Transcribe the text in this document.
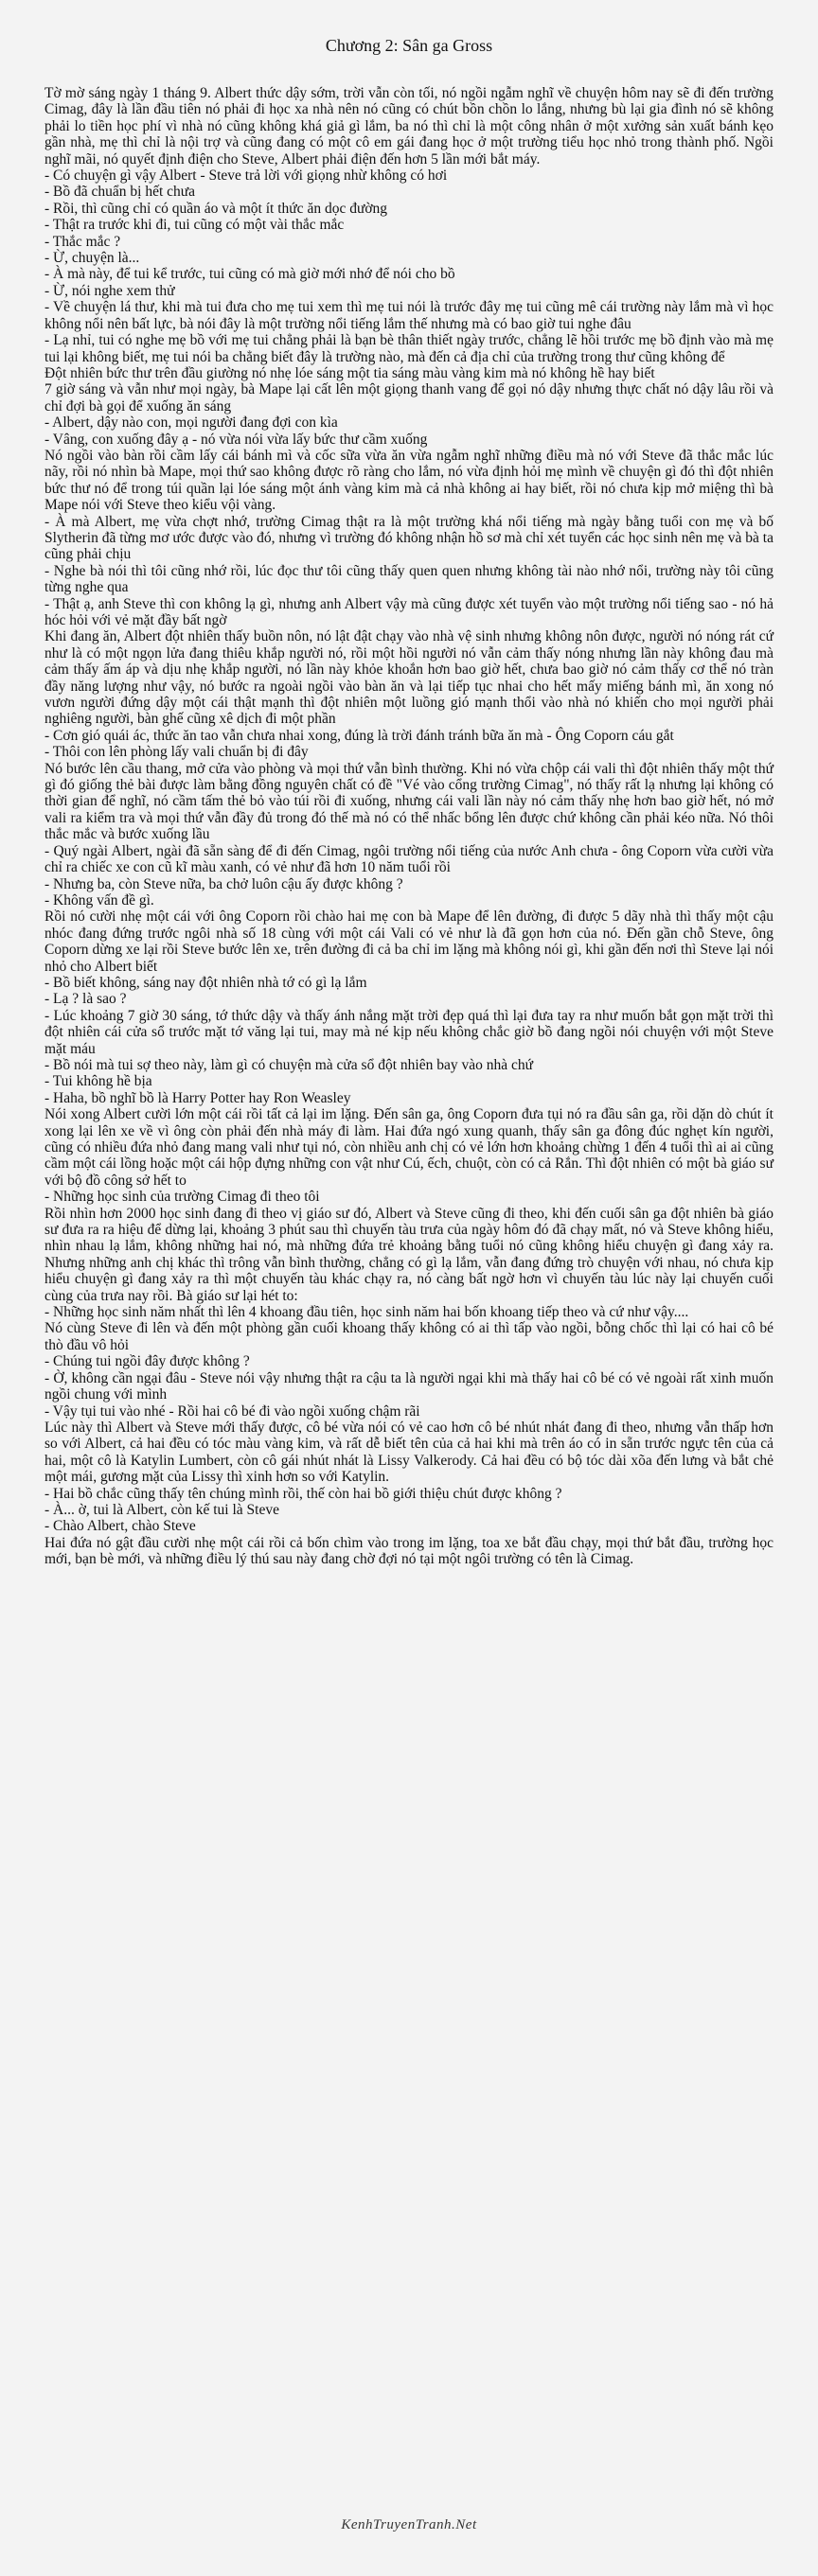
Chương 2: Sân ga Gross

Tờ mờ sáng ngày 1 tháng 9. Albert thức dậy sớm, trời vẫn còn tối, nó ngồi ngẫm nghĩ về chuyện hôm nay sẽ đi đến trường Cimag, đây là lần đầu tiên nó phải đi học xa nhà nên nó cũng có chút bồn chồn lo lắng, nhưng bù lại gia đình nó sẽ không phải lo tiền học phí vì nhà nó cũng không khá giả gì lắm, ba nó thì chỉ là một công nhân ở một xưởng sản xuất bánh kẹo gần nhà, mẹ thì chỉ là nội trợ và cũng đang có một cô em gái đang học ở một trường tiểu học nhỏ trong thành phố. Ngồi nghĩ mãi, nó quyết định điện cho Steve, Albert phải điện đến hơn 5 lần mới bắt máy.

- Có chuyện gì vậy Albert - Steve trả lời với giọng nhừ không có hơi

- Bồ đã chuẩn bị hết chưa

- Rồi, thì cũng chỉ có quần áo và một ít thức ăn dọc đường

- Thật ra trước khi đi, tui cũng có một vài thắc mắc

- Thắc mắc ?

- Ừ, chuyện là...

- À mà này, để tui kể trước, tui cũng có mà giờ mới nhớ để nói cho bồ

- Ừ, nói nghe xem thử

- Về chuyện lá thư, khi mà tui đưa cho mẹ tui xem thì mẹ tui nói là trước đây mẹ tui cũng mê cái trường này lắm mà vì học không nổi nên bất lực, bà nói đây là một trường nổi tiếng lắm thế nhưng mà có bao giờ tui nghe đâu

- Lạ nhỉ, tui có nghe mẹ bồ với mẹ tui chẳng phải là bạn bè thân thiết ngày trước, chẳng lẽ hồi trước mẹ bồ định vào mà mẹ tui lại không biết, mẹ tui nói ba chẳng biết đây là trường nào, mà đến cả địa chỉ của trường trong thư cũng không để

Đột nhiên bức thư trên đầu giường nó nhẹ lóe sáng một tia sáng màu vàng kim mà nó không hề hay biết

7 giờ sáng và vẫn như mọi ngày, bà Mape lại cất lên một giọng thanh vang để gọi nó dậy nhưng thực chất nó dậy lâu rồi và chỉ đợi bà gọi để xuống ăn sáng

- Albert, dậy nào con, mọi người đang đợi con kìa

- Vâng, con xuống đây ạ - nó vừa nói vừa lấy bức thư cầm xuống

Nó ngồi vào bàn rồi cầm lấy cái bánh mì và cốc sữa vừa ăn vừa ngẫm nghĩ những điều mà nó với Steve đã thắc mắc lúc nãy, rồi nó nhìn bà Mape, mọi thứ sao không được rõ ràng cho lắm, nó vừa định hỏi mẹ mình về chuyện gì đó thì đột nhiên bức thư nó để trong túi quần lại lóe sáng một ánh vàng kim mà cả nhà không ai hay biết, rồi nó chưa kịp mở miệng thì bà Mape nói với Steve theo kiểu vội vàng.

- À mà Albert, mẹ vừa chợt nhớ, trường Cimag thật ra là một trường khá nổi tiếng mà ngày bằng tuổi con mẹ và bố Slytherin đã từng mơ ước được vào đó, nhưng vì trường đó không nhận hồ sơ mà chỉ xét tuyển các học sinh nên mẹ và bà ta cũng phải chịu

- Nghe bà nói thì tôi cũng nhớ rồi, lúc đọc thư tôi cũng thấy quen quen nhưng không tài nào nhớ nổi, trường này tôi cũng từng nghe qua

- Thật ạ, anh Steve thì con không lạ gì, nhưng anh Albert vậy mà cũng được xét tuyển vào một trường nổi tiếng sao - nó hả hóc hỏi với vẻ mặt đầy bất ngờ

Khi đang ăn, Albert đột nhiên thấy buồn nôn, nó lật đật chạy vào nhà vệ sinh nhưng không nôn được, người nó nóng rát cứ như là có một ngọn lửa đang thiêu khắp người nó, rồi một hồi người nó vẫn cảm thấy nóng nhưng lần này không đau mà cảm thấy ấm áp và dịu nhẹ khắp người, nó lần này khỏe khoắn hơn bao giờ hết, chưa bao giờ nó cảm thấy cơ thể nó tràn đầy năng lượng như vậy, nó bước ra ngoài ngồi vào bàn ăn và lại tiếp tục nhai cho hết mấy miếng bánh mì, ăn xong nó vươn người đứng dậy một cái thật mạnh thì đột nhiên một luồng gió mạnh thổi vào nhà nó khiến cho mọi người phải nghiêng người, bàn ghế cũng xê dịch đi một phần

- Cơn gió quái ác, thức ăn tao vẫn chưa nhai xong, đúng là trời đánh tránh bữa ăn mà - Ông Coporn cáu gắt

- Thôi con lên phòng lấy vali chuẩn bị đi đây

Nó bước lên cầu thang, mở cửa vào phòng và mọi thứ vẫn bình thường. Khi nó vừa chộp cái vali thì đột nhiên thấy một thứ gì đó giống thẻ bài được làm bằng đồng nguyên chất có đề "Vé vào cổng trường Cimag", nó thấy rất lạ nhưng lại không có thời gian để nghĩ, nó cầm tấm thẻ bỏ vào túi rồi đi xuống, nhưng cái vali lần này nó cảm thấy nhẹ hơn bao giờ hết, nó mở vali ra kiểm tra và mọi thứ vẫn đầy đủ trong đó thế mà nó có thể nhấc bổng lên được chứ không cần phải kéo nữa. Nó thôi thắc mắc và bước xuống lầu

- Quý ngài Albert, ngài đã sẵn sàng để đi đến Cimag, ngôi trường nổi tiếng của nước Anh chưa - ông Coporn vừa cười vừa chỉ ra chiếc xe con cũ kĩ màu xanh, có vẻ như đã hơn 10 năm tuổi rồi

- Nhưng ba, còn Steve nữa, ba chở luôn cậu ấy được không ?

- Không vấn đề gì.

Rồi nó cười nhẹ một cái với ông Coporn rồi chào hai mẹ con bà Mape để lên đường, đi được 5 dãy nhà thì thấy một cậu nhóc đang đứng trước ngôi nhà số 18 cùng với một cái Vali có vẻ như là đã gọn hơn của nó. Đến gần chỗ Steve, ông Coporn dừng xe lại rồi Steve bước lên xe, trên đường đi cả ba chỉ im lặng mà không nói gì, khi gần đến nơi thì Steve lại nói nhỏ cho Albert biết

- Bồ biết không, sáng nay đột nhiên nhà tớ có gì lạ lắm

- Lạ ? là sao ?

- Lúc khoảng 7 giờ 30 sáng, tớ thức dậy và thấy ánh nắng mặt trời đẹp quá thì lại đưa tay ra như muốn bắt gọn mặt trời thì đột nhiên cái cửa sổ trước mặt tớ văng lại tui, may mà né kịp nếu không chắc giờ bồ đang ngồi nói chuyện với một Steve mặt máu

- Bồ nói mà tui sợ theo này, làm gì có chuyện mà cửa sổ đột nhiên bay vào nhà chứ

- Tui không hề bịa

- Haha, bồ nghĩ bồ là Harry Potter hay Ron Weasley

Nói xong Albert cười lớn một cái rồi tất cả lại im lặng. Đến sân ga, ông Coporn đưa tụi nó ra đầu sân ga, rồi dặn dò chút ít xong lại lên xe về vì ông còn phải đến nhà máy đi làm. Hai đứa ngó xung quanh, thấy sân ga đông đúc nghẹt kín người, cũng có nhiều đứa nhỏ đang mang vali như tụi nó, còn nhiều anh chị có vẻ lớn hơn khoảng chừng 1 đến 4 tuổi thì ai ai cũng cầm một cái lồng hoặc một cái hộp đựng những con vật như Cú, ếch, chuột, còn có cả Rắn. Thì đột nhiên có một bà giáo sư với bộ đồ công sở hết to

- Những học sinh của trường Cimag đi theo tôi

Rồi nhìn hơn 2000 học sinh đang đi theo vị giáo sư đó, Albert và Steve cũng đi theo, khi đến cuối sân ga đột nhiên bà giáo sư đưa ra ra hiệu để dừng lại, khoảng 3 phút sau thì chuyến tàu trưa của ngày hôm đó đã chạy mất, nó và Steve không hiểu, nhìn nhau lạ lắm, không những hai nó, mà những đứa trẻ khoảng bằng tuổi nó cũng không hiểu chuyện gì đang xảy ra. Nhưng những anh chị khác thì trông vẫn bình thường, chẳng có gì lạ lắm, vẫn đang đứng trò chuyện với nhau, nó chưa kịp hiểu chuyện gì đang xảy ra thì một chuyến tàu khác chạy ra, nó càng bất ngờ hơn vì chuyến tàu lúc này lại chuyến cuối cùng của trưa nay rồi. Bà giáo sư lại hét to:

- Những học sinh năm nhất thì lên 4 khoang đầu tiên, học sinh năm hai bốn khoang tiếp theo và cứ như vậy....

Nó cùng Steve đi lên và đến một phòng gần cuối khoang thấy không có ai thì tấp vào ngồi, bỗng chốc thì lại có hai cô bé thò đầu vô hỏi

- Chúng tui ngồi đây được không ?

- Ờ, không cần ngại đâu - Steve nói vậy nhưng thật ra cậu ta là người ngại khi mà thấy hai cô bé có vẻ ngoài rất xinh muốn ngồi chung với mình

- Vậy tụi tui vào nhé - Rồi hai cô bé đi vào ngồi xuống chậm rãi

Lúc này thì Albert và Steve mới thấy được, cô bé vừa nói có vẻ cao hơn cô bé nhút nhát đang đi theo, nhưng vẫn thấp hơn so với Albert, cả hai đều có tóc màu vàng kim, và rất dễ biết tên của cả hai khi mà trên áo có in sẵn trước ngực tên của cả hai, một cô là Katylin Lumbert, còn cô gái nhút nhát là Lissy Valkerody. Cả hai đều có bộ tóc dài xõa đến lưng và bắt chẻ một mái, gương mặt của Lissy thì xinh hơn so với Katylin.

- Hai bồ chắc cũng thấy tên chúng mình rồi, thế còn hai bồ giới thiệu chút được không ?

- À... ờ, tui là Albert, còn kế tui là Steve

- Chào Albert, chào Steve

Hai đứa nó gật đầu cười nhẹ một cái rồi cả bốn chìm vào trong im lặng, toa xe bắt đầu chạy, mọi thứ bắt đầu, trường học mới, bạn bè mới, và những điều lý thú sau này đang chờ đợi nó tại một ngôi trường có tên là Cimag.

KenhTruyenTranh.Net
